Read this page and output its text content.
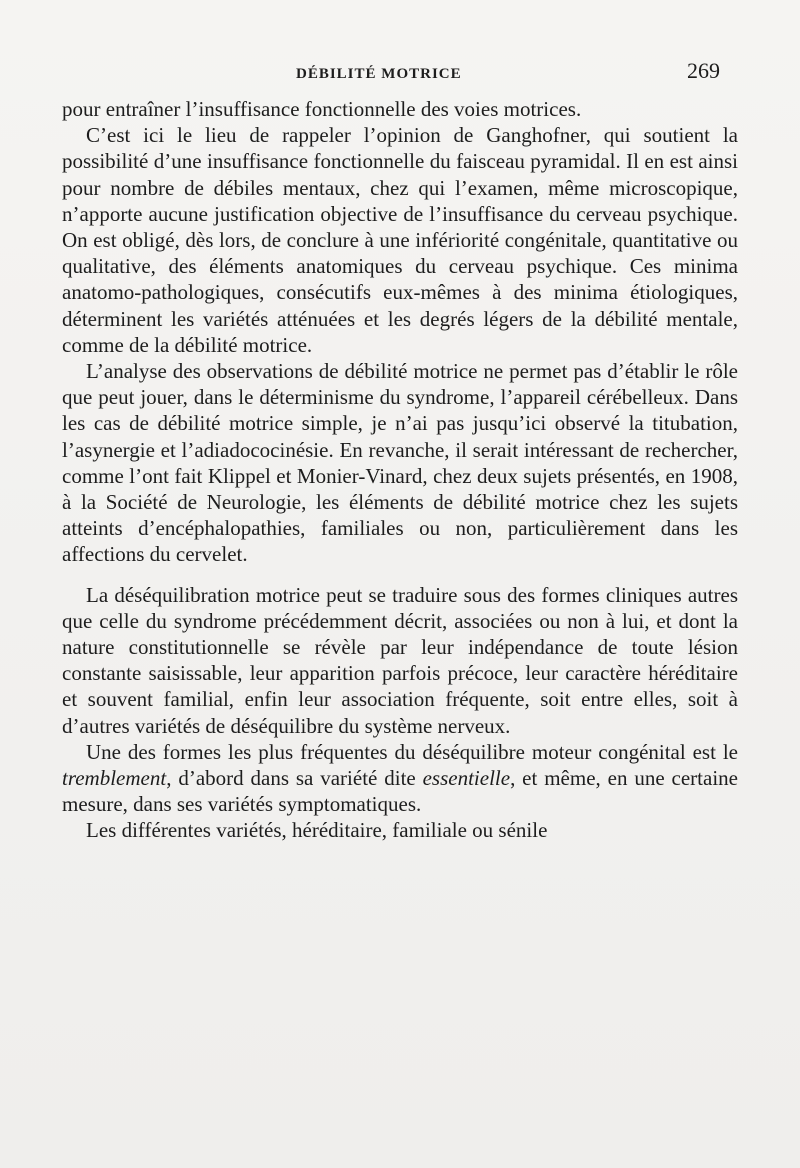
DÉBILITÉ MOTRICE	269

pour entraîner l’insuffisance fonctionnelle des voies motrices.

C’est ici le lieu de rappeler l’opinion de Ganghofner, qui soutient la possibilité d’une insuffisance fonctionnelle du faisceau pyramidal. Il en est ainsi pour nombre de débiles mentaux, chez qui l’examen, même microscopique, n’apporte aucune justification objective de l’insuffisance du cerveau psychique. On est obligé, dès lors, de conclure à une infériorité congénitale, quantitative ou qualitative, des éléments anatomiques du cerveau psychique. Ces minima anatomo-pathologiques, consécutifs eux-mêmes à des minima étiologiques, déterminent les variétés atténuées et les degrés légers de la débilité mentale, comme de la débilité motrice.

L’analyse des observations de débilité motrice ne permet pas d’établir le rôle que peut jouer, dans le déterminisme du syndrome, l’appareil cérébelleux. Dans les cas de débilité motrice simple, je n’ai pas jusqu’ici observé la titubation, l’asynergie et l’adiadococinésie. En revanche, il serait intéressant de rechercher, comme l’ont fait Klippel et Monier-Vinard, chez deux sujets présentés, en 1908, à la Société de Neurologie, les éléments de débilité motrice chez les sujets atteints d’encéphalopathies, familiales ou non, particulièrement dans les affections du cervelet.

La déséquilibration motrice peut se traduire sous des formes cliniques autres que celle du syndrome précédemment décrit, associées ou non à lui, et dont la nature constitutionnelle se révèle par leur indépendance de toute lésion constante saisissable, leur apparition parfois précoce, leur caractère héréditaire et souvent familial, enfin leur association fréquente, soit entre elles, soit à d’autres variétés de déséquilibre du système nerveux.

Une des formes les plus fréquentes du déséquilibre moteur congénital est le tremblement, d’abord dans sa variété dite essentielle, et même, en une certaine mesure, dans ses variétés symptomatiques.

Les différentes variétés, héréditaire, familiale ou sénile
